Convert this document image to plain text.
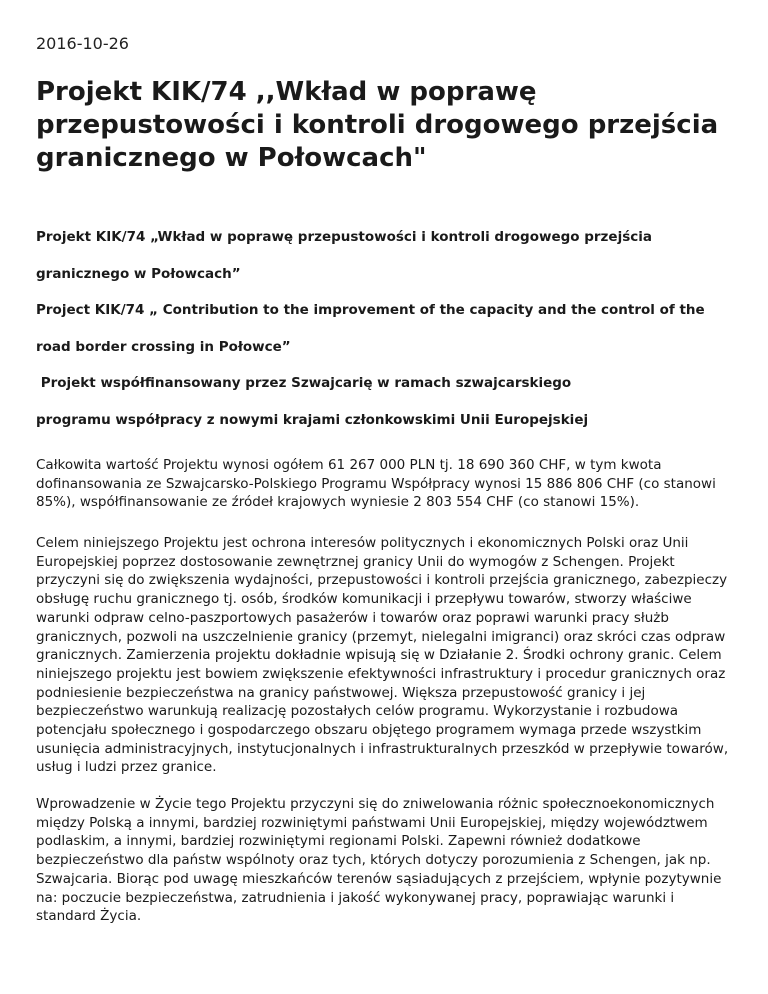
2016-10-26
Projekt KIK/74 ,,Wkład w poprawę przepustowości i kontroli drogowego przejścia granicznego w Połowcach"
Projekt KIK/74 „Wkład w poprawę przepustowości i kontroli drogowego przejścia
granicznego w Połowcach”
Project KIK/74 „ Contribution to the improvement of the capacity and the control of the
road border crossing in Połowce”
Projekt współfinansowany przez Szwajcarię w ramach szwajcarskiego
programu współpracy z nowymi krajami członkowskimi Unii Europejskiej

Całkowita wartość Projektu wynosi ogółem 61 267 000 PLN tj. 18 690 360 CHF, w tym kwota dofinansowania ze Szwajcarsko-Polskiego Programu Współpracy wynosi 15 886 806 CHF (co stanowi 85%), współfinansowanie ze źródeł krajowych wyniesie 2 803 554 CHF (co stanowi 15%).

Celem niniejszego Projektu jest ochrona interesów politycznych i ekonomicznych Polski oraz Unii Europejskiej poprzez dostosowanie zewnętrznej granicy Unii do wymogów z Schengen. Projekt przyczyni się do zwiększenia wydajności, przepustowości i kontroli przejścia granicznego, zabezpieczy obsługę ruchu granicznego tj. osób, środków komunikacji i przepływu towarów, stworzy właściwe warunki odpraw celno-paszportowych pasażerów i towarów oraz poprawi warunki pracy służb granicznych, pozwoli na uszczelnienie granicy (przemyt, nielegalni imigranci) oraz skróci czas odpraw granicznych. Zamierzenia projektu dokładnie wpisują się w Działanie 2. Środki ochrony granic. Celem niniejszego projektu jest bowiem zwiększenie efektywności infrastruktury i procedur granicznych oraz podniesienie bezpieczeństwa na granicy państwowej. Większa przepustowość granicy i jej bezpieczeństwo warunkują realizację pozostałych celów programu. Wykorzystanie i rozbudowa potencjału społecznego i gospodarczego obszaru objętego programem wymaga przede wszystkim usunięcia administracyjnych, instytucjonalnych i infrastrukturalnych przeszkód w przepływie towarów, usług i ludzi przez granice.

Wprowadzenie w Życie tego Projektu przyczyni się do zniwelowania różnic społecznoekonomicznych między Polską a innymi, bardziej rozwiniętymi państwami Unii Europejskiej, między województwem podlaskim, a innymi, bardziej rozwiniętymi regionami Polski. Zapewni również dodatkowe bezpieczeństwo dla państw wspólnoty oraz tych, których dotyczy porozumienia z Schengen, jak np. Szwajcaria. Biorąc pod uwagę mieszkańców terenów sąsiadujących z przejściem, wpłynie pozytywnie na: poczucie bezpieczeństwa, zatrudnienia i jakość wykonywanej pracy, poprawiając warunki i standard Życia.
